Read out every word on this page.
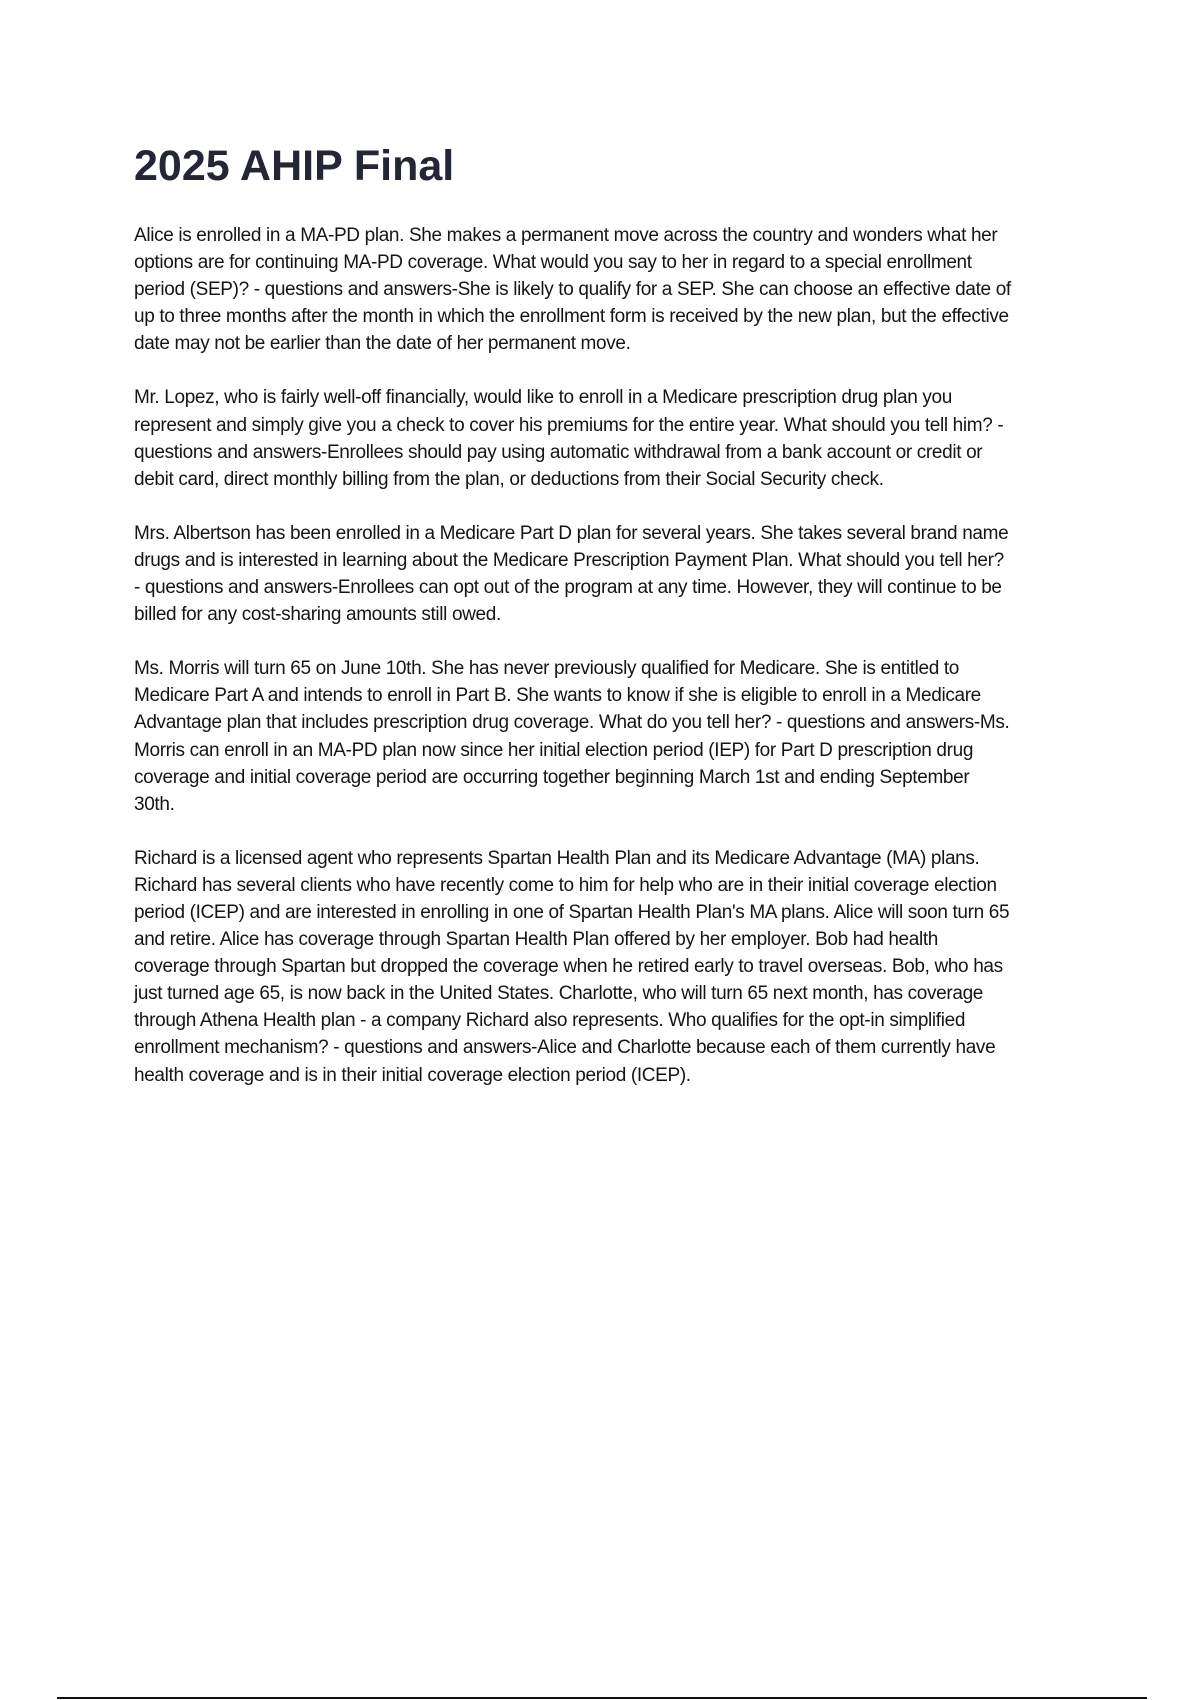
2025 AHIP Final

Alice is enrolled in a MA-PD plan. She makes a permanent move across the country and wonders what her options are for continuing MA-PD coverage. What would you say to her in regard to a special enrollment period (SEP)? - questions and answers-She is likely to qualify for a SEP. She can choose an effective date of up to three months after the month in which the enrollment form is received by the new plan, but the effective date may not be earlier than the date of her permanent move.

Mr. Lopez, who is fairly well-off financially, would like to enroll in a Medicare prescription drug plan you represent and simply give you a check to cover his premiums for the entire year. What should you tell him? - questions and answers-Enrollees should pay using automatic withdrawal from a bank account or credit or debit card, direct monthly billing from the plan, or deductions from their Social Security check.

Mrs. Albertson has been enrolled in a Medicare Part D plan for several years. She takes several brand name drugs and is interested in learning about the Medicare Prescription Payment Plan. What should you tell her? - questions and answers-Enrollees can opt out of the program at any time. However, they will continue to be billed for any cost-sharing amounts still owed.

Ms. Morris will turn 65 on June 10th. She has never previously qualified for Medicare. She is entitled to Medicare Part A and intends to enroll in Part B. She wants to know if she is eligible to enroll in a Medicare Advantage plan that includes prescription drug coverage. What do you tell her? - questions and answers-Ms. Morris can enroll in an MA-PD plan now since her initial election period (IEP) for Part D prescription drug coverage and initial coverage period are occurring together beginning March 1st and ending September 30th.

Richard is a licensed agent who represents Spartan Health Plan and its Medicare Advantage (MA) plans. Richard has several clients who have recently come to him for help who are in their initial coverage election period (ICEP) and are interested in enrolling in one of Spartan Health Plan's MA plans. Alice will soon turn 65 and retire. Alice has coverage through Spartan Health Plan offered by her employer. Bob had health coverage through Spartan but dropped the coverage when he retired early to travel overseas. Bob, who has just turned age 65, is now back in the United States. Charlotte, who will turn 65 next month, has coverage through Athena Health plan - a company Richard also represents. Who qualifies for the opt-in simplified enrollment mechanism? - questions and answers-Alice and Charlotte because each of them currently have health coverage and is in their initial coverage election period (ICEP).
